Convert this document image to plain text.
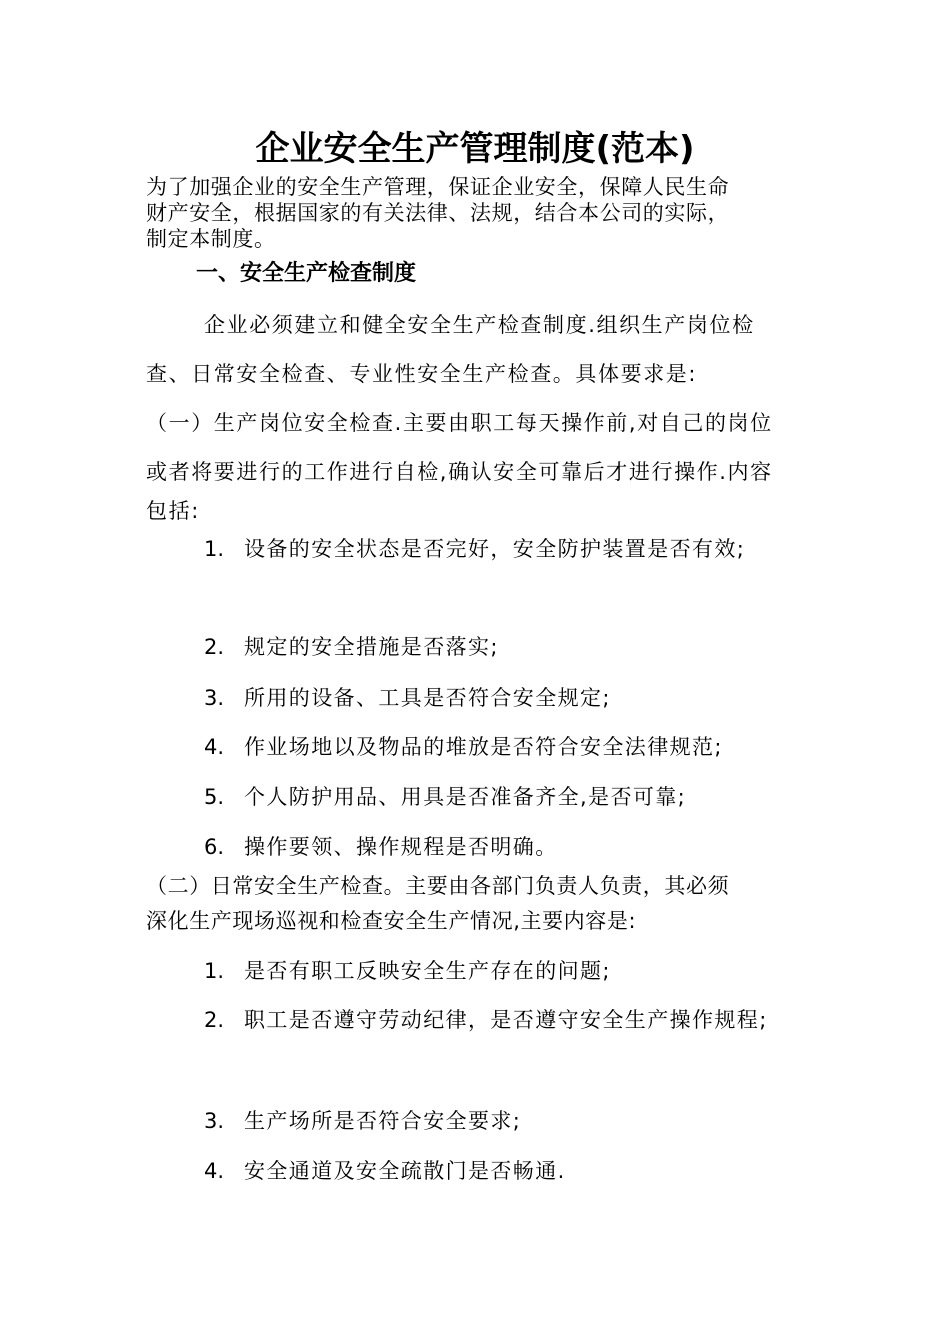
企业安全生产管理制度(范本)
为了加强企业的安全生产管理，保证企业安全，保障人民生命
财产安全，根据国家的有关法律、法规，结合本公司的实际，
制定本制度。
一、安全生产检查制度
企业必须建立和健全安全生产检查制度.组织生产岗位检
查、日常安全检查、专业性安全生产检查。具体要求是:
（一）生产岗位安全检查.主要由职工每天操作前,对自己的岗位
或者将要进行的工作进行自检,确认安全可靠后才进行操作.内容
包括:
1. 设备的安全状态是否完好，安全防护装置是否有效;
2. 规定的安全措施是否落实;
3. 所用的设备、工具是否符合安全规定;
4. 作业场地以及物品的堆放是否符合安全法律规范;
5. 个人防护用品、用具是否准备齐全,是否可靠;
6. 操作要领、操作规程是否明确。
（二）日常安全生产检查。主要由各部门负责人负责，其必须
深化生产现场巡视和检查安全生产情况,主要内容是:
1. 是否有职工反映安全生产存在的问题;
2. 职工是否遵守劳动纪律，是否遵守安全生产操作规程;
3. 生产场所是否符合安全要求;
4. 安全通道及安全疏散门是否畅通.
